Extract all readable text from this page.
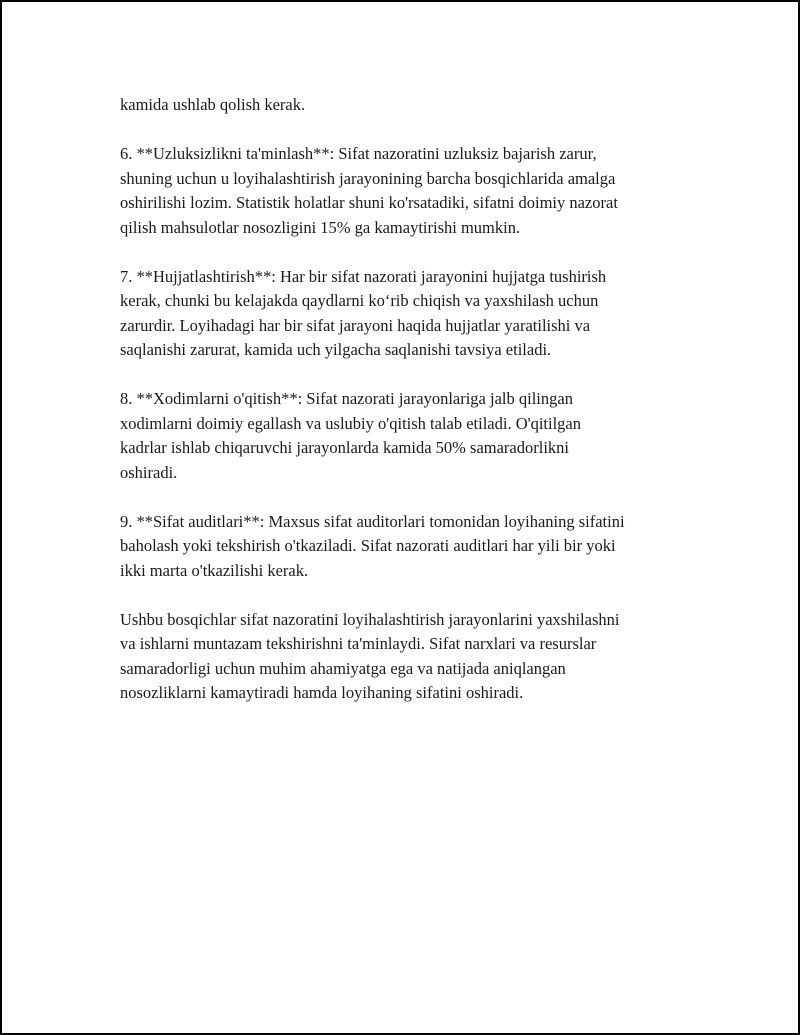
kamida ushlab qolish kerak.

6. **Uzluksizlikni ta'minlash**: Sifat nazoratini uzluksiz bajarish zarur,
shuning uchun u loyihalashtirish jarayonining barcha bosqichlarida amalga
oshirilishi lozim. Statistik holatlar shuni ko'rsatadiki, sifatni doimiy nazorat
qilish mahsulotlar nosozligini 15% ga kamaytirishi mumkin.

7. **Hujjatlashtirish**: Har bir sifat nazorati jarayonini hujjatga tushirish
kerak, chunki bu kelajakda qaydlarni ko‘rib chiqish va yaxshilash uchun
zarurdir. Loyihadagi har bir sifat jarayoni haqida hujjatlar yaratilishi va
saqlanishi zarurat, kamida uch yilgacha saqlanishi tavsiya etiladi.

8. **Xodimlarni o'qitish**: Sifat nazorati jarayonlariga jalb qilingan
xodimlarni doimiy egallash va uslubiy o'qitish talab etiladi. O'qitilgan
kadrlar ishlab chiqaruvchi jarayonlarda kamida 50% samaradorlikni
oshiradi.

9. **Sifat auditlari**: Maxsus sifat auditorlari tomonidan loyihaning sifatini
baholash yoki tekshirish o'tkaziladi. Sifat nazorati auditlari har yili bir yoki
ikki marta o'tkazilishi kerak.

Ushbu bosqichlar sifat nazoratini loyihalashtirish jarayonlarini yaxshilashni
va ishlarni muntazam tekshirishni ta'minlaydi. Sifat narxlari va resurslar
samaradorligi uchun muhim ahamiyatga ega va natijada aniqlangan
nosozliklarni kamaytiradi hamda loyihaning sifatini oshiradi.
